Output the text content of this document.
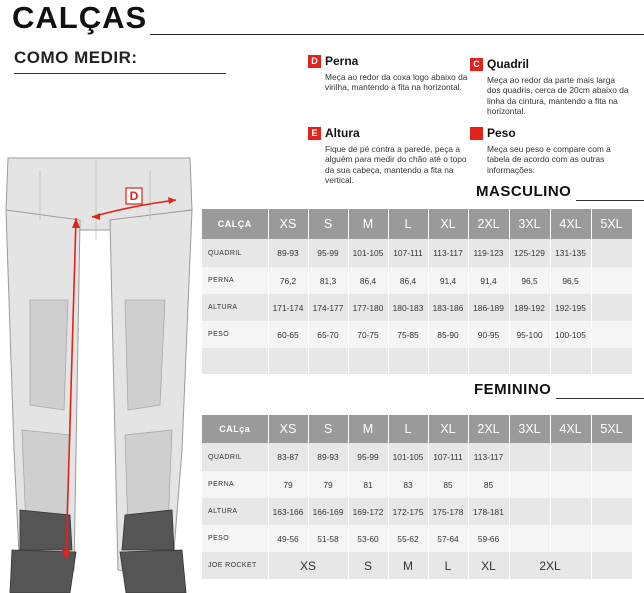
CALÇAS
COMO MEDIR:
D
D Perna
Meça ao redor da coxa logo abaixo da virilha, mantendo a fita na horizontal.
C Quadril
Meça ao redor da parte mais larga dos quadris, cerca de 20cm abaixo da linha da cintura, mantendo a fita na horizontal.
E Altura
Fique de pé contra a parede, peça a alguém para medir do chão até o topo da sua cabeça, mantendo a fita na vertical.
Peso
Meça seu peso e compare com a tabela de acordo com as outras informações.
MASCULINO
CALÇA	XS	S	M	L	XL	2XL	3XL	4XL	5XL
QUADRIL	89-93	95-99	101-105	107-111	113-117	119-123	125-129	131-135	
PERNA	76,2	81,3	86,4	86,4	91,4	91,4	96,5	96,5	
ALTURA	171-174	174-177	177-180	180-183	183-186	186-189	189-192	192-195	
PESO	60-65	65-70	70-75	75-85	85-90	90-95	95-100	100-105	

FEMININO
CALça	XS	S	M	L	XL	2XL	3XL	4XL	5XL
QUADRIL	83-87	89-93	95-99	101-105	107-111	113-117			
PERNA	79	79	81	83	85	85			
ALTURA	163-166	166-169	169-172	172-175	175-178	178-181			
PESO	49-56	51-58	53-60	55-62	57-64	59-66			
JOE ROCKET	XS		S	M	L	XL	2XL		
